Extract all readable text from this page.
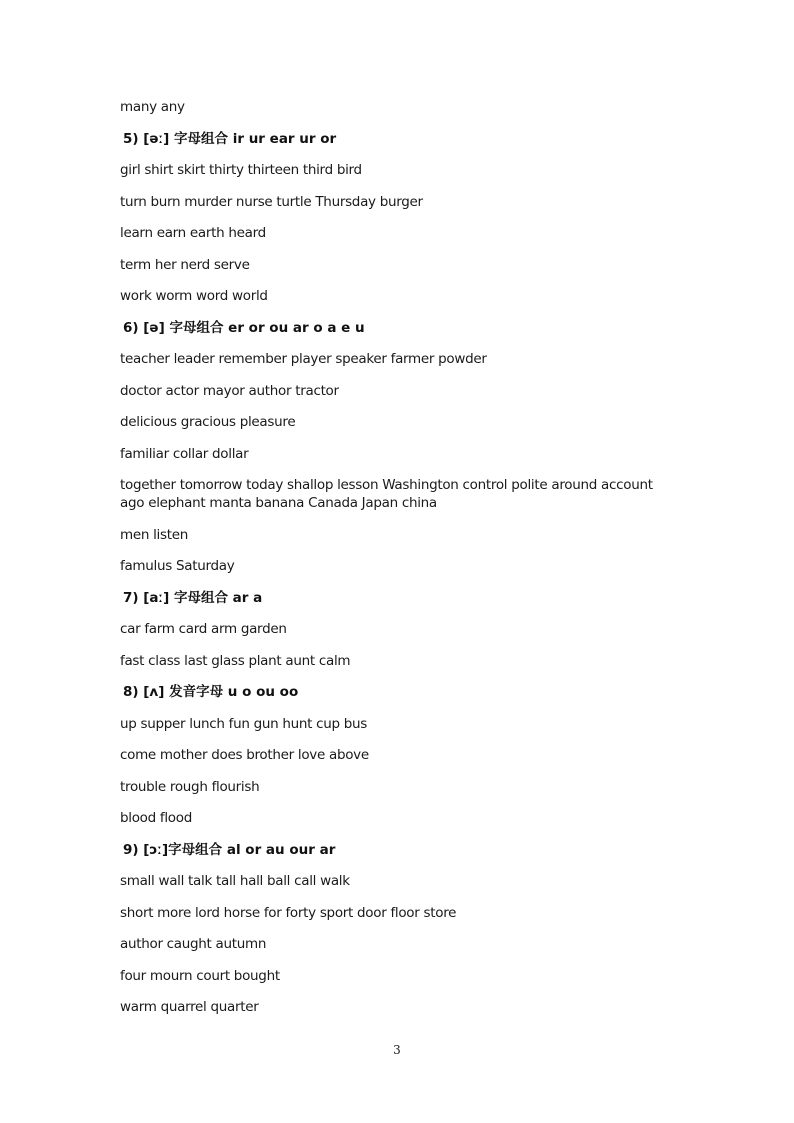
many any
5) [əː] 字母组合 ir ur ear ur or
girl shirt skirt thirty thirteen third bird
turn burn murder nurse turtle Thursday burger
learn earn earth heard
term her nerd serve
work worm word world
6) [ə] 字母组合 er or ou ar o a e u
teacher leader remember player speaker farmer powder
doctor actor mayor author tractor
delicious gracious pleasure
familiar collar dollar
together tomorrow today shallop lesson Washington control polite around account ago elephant manta banana Canada Japan china
men listen
famulus Saturday
7) [aː] 字母组合 ar a
car farm card arm garden
fast class last glass plant aunt calm
8) [ʌ] 发音字母 u o ou oo
up supper lunch fun gun hunt cup bus
come mother does brother love above
trouble rough flourish
blood flood
9) [ɔː]字母组合 al or au our ar
small wall talk tall hall ball call walk
short more lord horse for forty sport door floor store
author caught autumn
four mourn court bought
warm quarrel quarter
3
